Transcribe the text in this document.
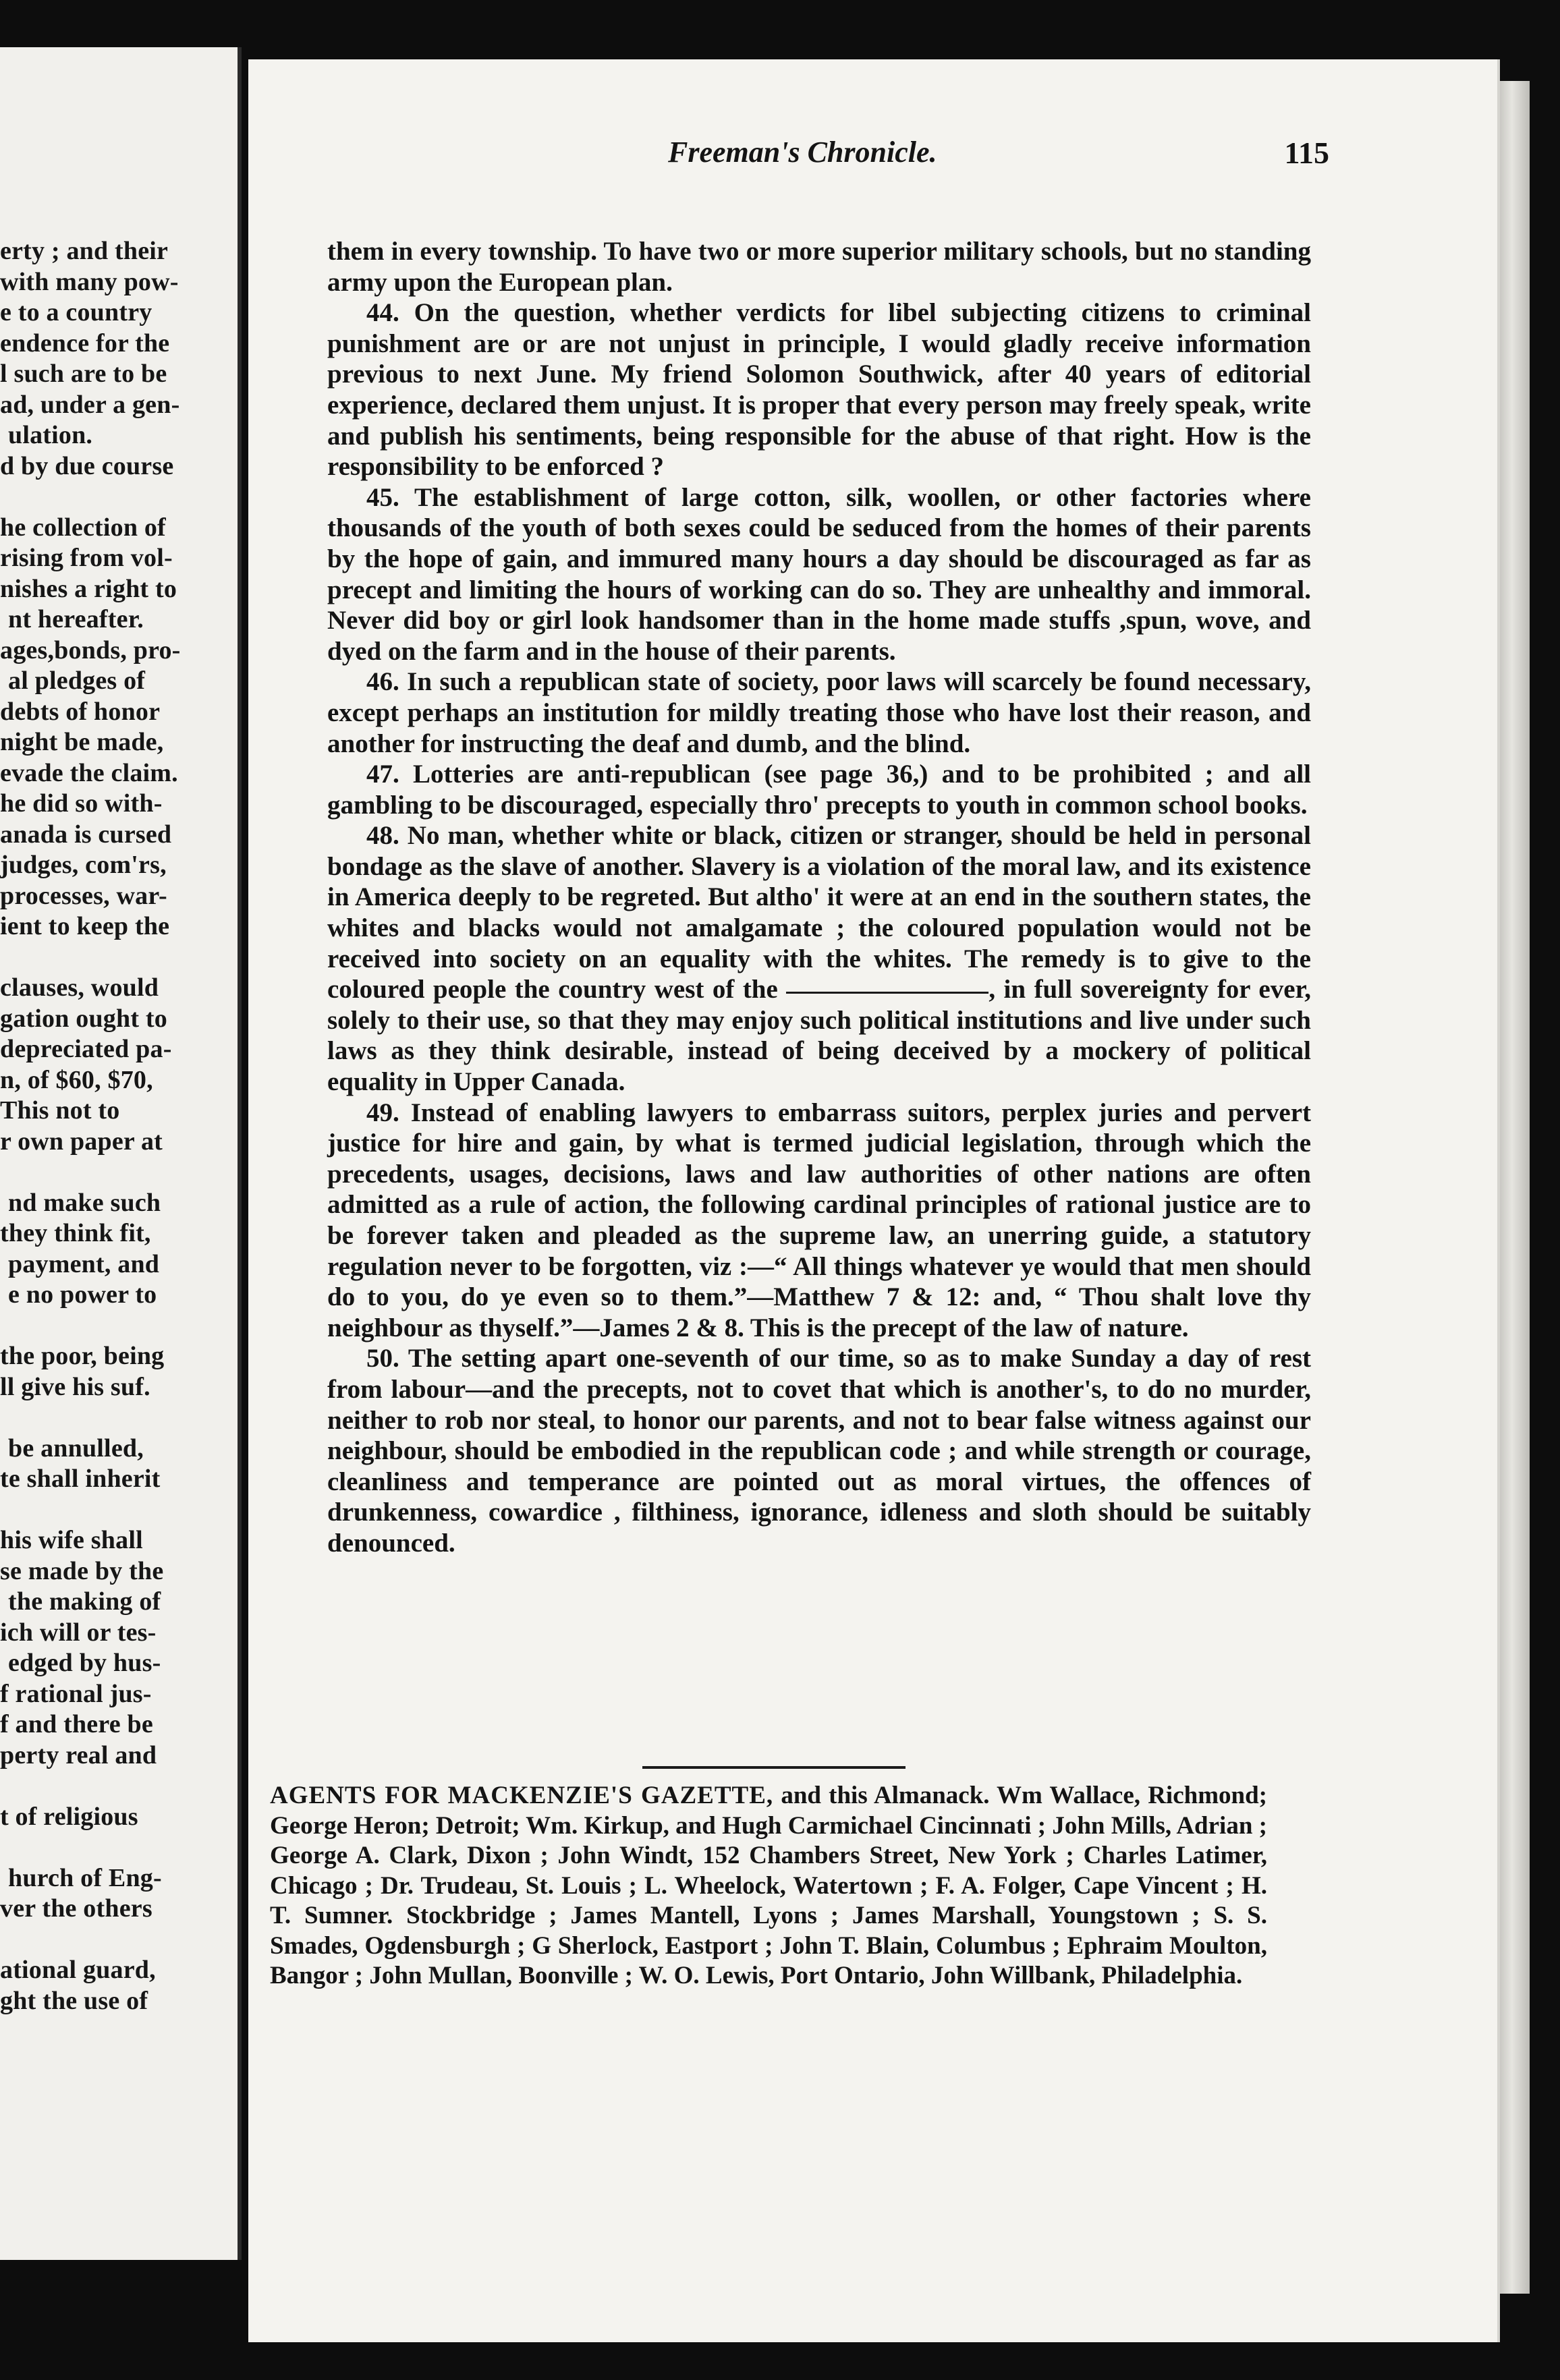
erty ; and their
with many pow-
e to a country
endence for the
l such are to be
ad, under a gen-
ulation.
d by due course
he collection of
rising from vol-
nishes a right to
nt hereafter.
ages,bonds, pro-
al pledges of
debts of honor
night be made,
evade the claim.
he did so with-
anada is cursed
judges, com'rs,
processes, war-
ient to keep the
clauses, would
gation ought to
depreciated pa-
n, of $60, $70,
This not to
r own paper at
nd make such
they think fit,
payment, and
e no power to
the poor, being
ll give his suf.
be annulled,
te shall inherit
his wife shall
se made by the
the making of
ich will or tes-
edged by hus-
f rational jus-
f and there be
perty real and
t of religious
hurch of Eng-
ver the others
ational guard,
ght the use of
Freeman's Chronicle.	115

them in every township. To have two or more superior military schools, but no standing army upon the European plan.

44. On the question, whether verdicts for libel subjecting citizens to criminal punishment are or are not unjust in principle, I would gladly receive information previous to next June. My friend Solomon Southwick, after 40 years of editorial experience, declared them unjust. It is proper that every person may freely speak, write and publish his sentiments, being responsible for the abuse of that right. How is the responsibility to be enforced ?

45. The establishment of large cotton, silk, woollen, or other factories where thousands of the youth of both sexes could be seduced from the homes of their parents by the hope of gain, and immured many hours a day should be discouraged as far as precept and limiting the hours of working can do so. They are unhealthy and immoral. Never did boy or girl look handsomer than in the home made stuffs ,spun, wove, and dyed on the farm and in the house of their parents.

46. In such a republican state of society, poor laws will scarcely be found necessary, except perhaps an institution for mildly treating those who have lost their reason, and another for instructing the deaf and dumb, and the blind.

47. Lotteries are anti-republican (see page 36,) and to be prohibited ; and all gambling to be discouraged, especially thro' precepts to youth in common school books.

48. No man, whether white or black, citizen or stranger, should be held in personal bondage as the slave of another. Slavery is a violation of the moral law, and its existence in America deeply to be regreted. But altho' it were at an end in the southern states, the whites and blacks would not amalgamate ; the coloured population would not be received into society on an equality with the whites. The remedy is to give to the coloured people the country west of the	, in full sovereignty for ever, solely to their use, so that they may enjoy such political institutions and live under such laws as they think desirable, instead of being deceived by a mockery of political equality in Upper Canada.

49. Instead of enabling lawyers to embarrass suitors, perplex juries and pervert justice for hire and gain, by what is termed judicial legislation, through which the precedents, usages, decisions, laws and law authorities of other nations are often admitted as a rule of action, the following cardinal principles of rational justice are to be forever taken and pleaded as the supreme law, an unerring guide, a statutory regulation never to be forgotten, viz :—“ All things whatever ye would that men should do to you, do ye even so to them.”—Matthew 7 & 12: and, “ Thou shalt love thy neighbour as thyself.”—James 2 & 8. This is the precept of the law of nature.

50. The setting apart one-seventh of our time, so as to make Sunday a day of rest from labour—and the precepts, not to covet that which is another's, to do no murder, neither to rob nor steal, to honor our parents, and not to bear false witness against our neighbour, should be embodied in the republican code ; and while strength or courage, cleanliness and temperance are pointed out as moral virtues, the offences of drunkenness, cowardice , filthiness, ignorance, idleness and sloth should be suitably denounced.

AGENTS FOR MACKENZIE'S GAZETTE, and this Almanack. Wm Wallace, Richmond; George Heron; Detroit; Wm. Kirkup, and Hugh Carmichael Cincinnati ; John Mills, Adrian ; George A. Clark, Dixon ; John Windt, 152 Chambers Street, New York ; Charles Latimer, Chicago ; Dr. Trudeau, St. Louis ; L. Wheelock, Watertown ; F. A. Folger, Cape Vincent ; H. T. Sumner. Stockbridge ; James Mantell, Lyons ; James Marshall, Youngstown ; S. S. Smades, Ogdensburgh ; G Sherlock, Eastport ; John T. Blain, Columbus ; Ephraim Moulton, Bangor ; John Mullan, Boonville ; W. O. Lewis, Port Ontario, John Willbank, Philadelphia.
